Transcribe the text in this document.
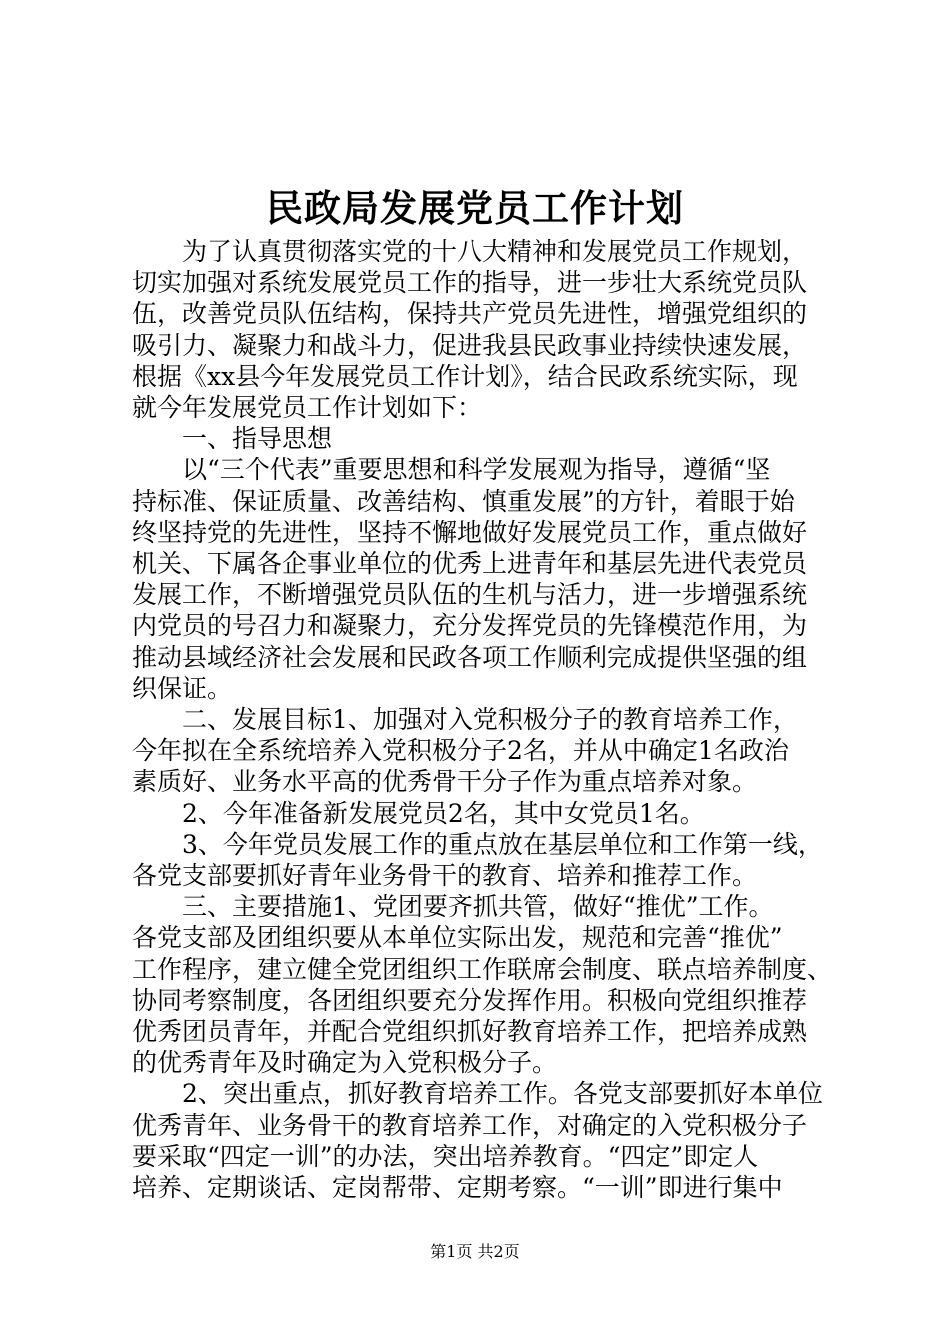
民政局发展党员工作计划

　　为了认真贯彻落实党的十八大精神和发展党员工作规划，

切实加强对系统发展党员工作的指导，进一步壮大系统党员队

伍，改善党员队伍结构，保持共产党员先进性，增强党组织的

吸引力、凝聚力和战斗力，促进我县民政事业持续快速发展，

根据《xx县今年发展党员工作计划》，结合民政系统实际，现

就今年发展党员工作计划如下：

　　一、指导思想

　　以“三个代表”重要思想和科学发展观为指导，遵循“坚

持标准、保证质量、改善结构、慎重发展”的方针，着眼于始

终坚持党的先进性，坚持不懈地做好发展党员工作，重点做好

机关、下属各企事业单位的优秀上进青年和基层先进代表党员

发展工作，不断增强党员队伍的生机与活力，进一步增强系统

内党员的号召力和凝聚力，充分发挥党员的先锋模范作用，为

推动县域经济社会发展和民政各项工作顺利完成提供坚强的组

织保证。

　　二、发展目标1、加强对入党积极分子的教育培养工作，

今年拟在全系统培养入党积极分子2名，并从中确定1名政治

素质好、业务水平高的优秀骨干分子作为重点培养对象。

　　2、今年准备新发展党员2名，其中女党员1名。

　　3、今年党员发展工作的重点放在基层单位和工作第一线，

各党支部要抓好青年业务骨干的教育、培养和推荐工作。

　　三、主要措施1、党团要齐抓共管，做好“推优”工作。

各党支部及团组织要从本单位实际出发，规范和完善“推优”

工作程序，建立健全党团组织工作联席会制度、联点培养制度、

协同考察制度，各团组织要充分发挥作用。积极向党组织推荐

优秀团员青年，并配合党组织抓好教育培养工作，把培养成熟

的优秀青年及时确定为入党积极分子。

　　2、突出重点，抓好教育培养工作。各党支部要抓好本单位

优秀青年、业务骨干的教育培养工作，对确定的入党积极分子

要采取“四定一训”的办法，突出培养教育。“四定”即定人

培养、定期谈话、定岗帮带、定期考察。“一训”即进行集中

第1页 共2页
